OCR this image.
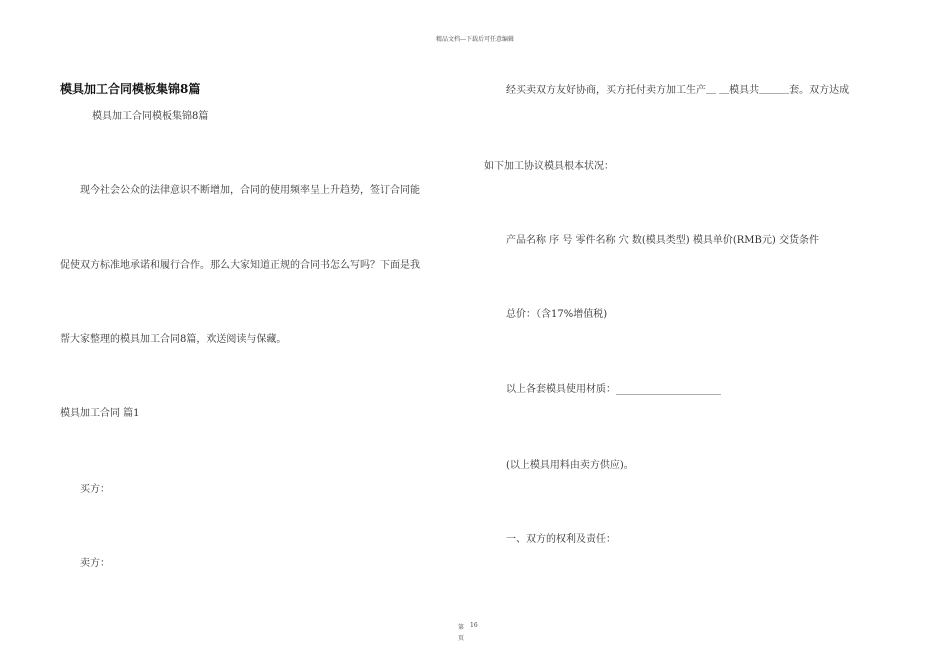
精品文档---下载后可任意编辑
模具加工合同模板集锦8篇
模具加工合同模板集锦8篇
现今社会公众的法律意识不断增加，合同的使用频率呈上升趋势，签订合同能
促使双方标准地承诺和履行合作。那么大家知道正规的合同书怎么写吗？下面是我
帮大家整理的模具加工合同8篇，欢送阅读与保藏。
模具加工合同 篇1
买方：
卖方：
经买卖双方友好协商，买方托付卖方加工生产＿ ＿模具共＿＿＿套。双方达成
如下加工协议模具根本状况：
产品名称 序 号 零件名称 穴 数(模具类型) 模具单价(RMB元) 交货条件
总价：（含17%增值税)
以上各套模具使用材质：_____________________
(以上模具用料由卖方供应)。
一、双方的权利及责任：
第 16
页
